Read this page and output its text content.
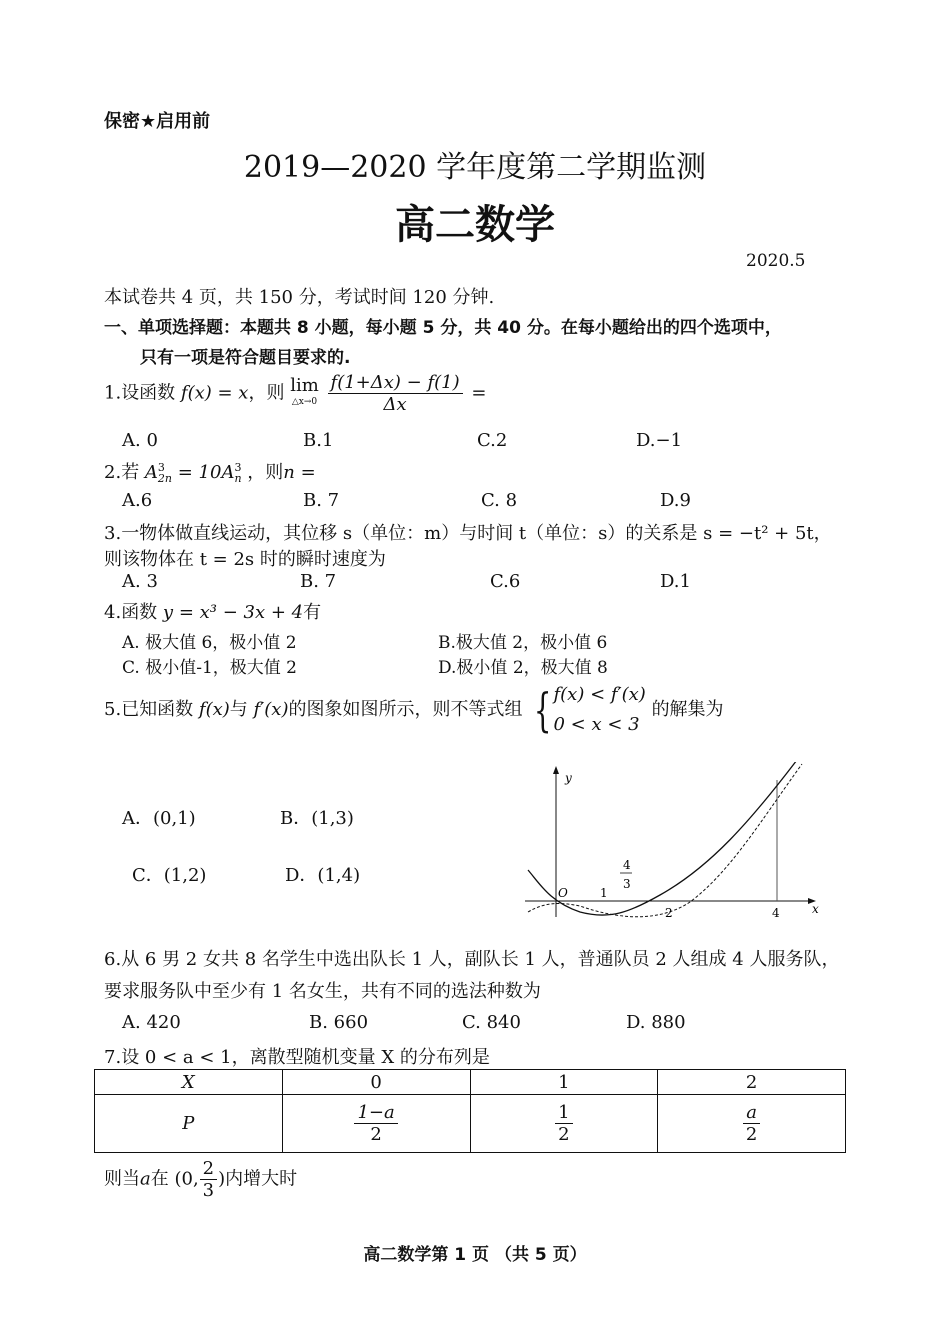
保密★启用前
2019—2020 学年度第二学期监测
高二数学
2020.5
本试卷共 4 页，共 150 分，考试时间 120 分钟.
一、单项选择题：本题共 8 小题，每小题 5 分，共 40 分。在每小题给出的四个选项中，
只有一项是符合题目要求的.
1.设函数 f(x) = x，则 lim
△x→0
$\frac{f(1+\Delta x) - f(1)}{\Delta x}$ =
A. 0	B.1	C.2	D.−1
2.若 A 3
2n = 10A 3
n ，则n =
A.6	B. 7	C. 8	D.9
3.一物体做直线运动，其位移 s（单位：m）与时间 t（单位：s）的关系是 s = −t² + 5t，
则该物体在 t = 2s 时的瞬时速度为
A. 3	B. 7	C.6	D.1
4.函数 y = x³ − 3x + 4有
A. 极大值 6，极小值 2	B.极大值 2，极小值 6
C. 极小值-1，极大值 2	D.极小值 2，极大值 8
5.已知函数 f(x)与 f′(x)的图象如图所示，则不等式组 { f(x) < f′(x)
0 < x < 3
的解集为
A．(0,1)	B．(1,3)
C．(1,2)	D．(1,4)
y
x
O	1
2	4
4
3
6.从 6 男 2 女共 8 名学生中选出队长 1 人，副队长 1 人，普通队员 2 人组成 4 人服务队，
要求服务队中至少有 1 名女生，共有不同的选法种数为
A. 420	B. 660	C. 840	D. 880
7.设 0 < a < 1，离散型随机变量 X 的分布列是
X	0	1	2
P	$\frac{1-a}{2}$	$\frac{1}{2}$	$\frac{a}{2}$
则当a在 (0, $\frac{2}{3}$ )内增大时
高二数学第 1 页 （共 5 页）
